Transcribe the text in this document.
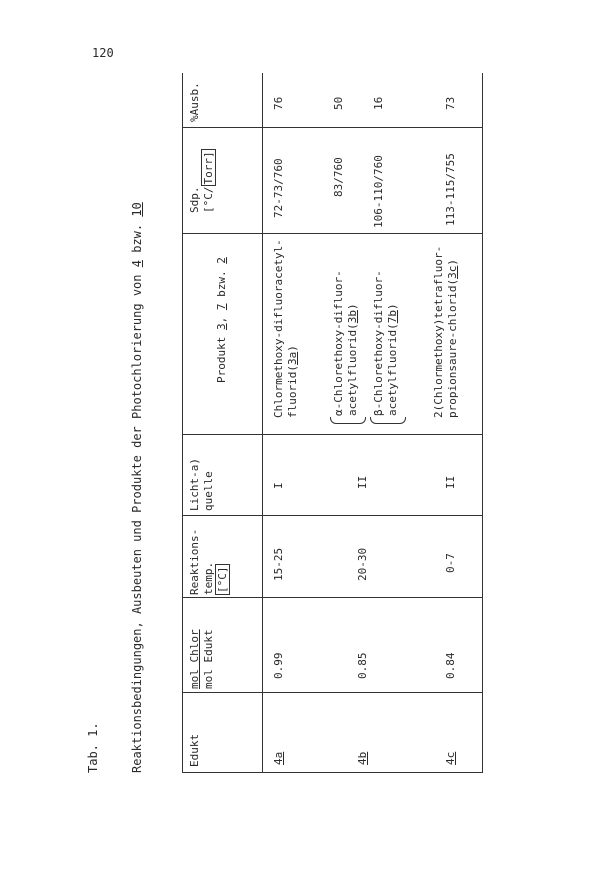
120
Tab. 1.	Reaktionsbedingungen, Ausbeuten und Produkte der Photochlorierung von 4 bzw. 10
Edukt
mol Chlor mol Edukt
Reaktions- temp. [°C]
Licht-a) quelle
Produkt 3, 7 bzw. 2
Sdp. [°C/Torr]
%Ausb.
4a
0.99
15-25
I
Chlormethoxy-difluoracetyl- fluorid(3a)
72-73/760
76
4b
0.85
20-30
II
α-Chlorethoxy-difluor- acetylfluorid(3b)
83/760
50
β-Chlorethoxy-difluor- acetylfluorid(7b)
106-110/760
16
4c
0.84
0-7
II
2(Chlormethoxy)tetrafluor- propionsaure-chlorid(3c)
113-115/755
73
